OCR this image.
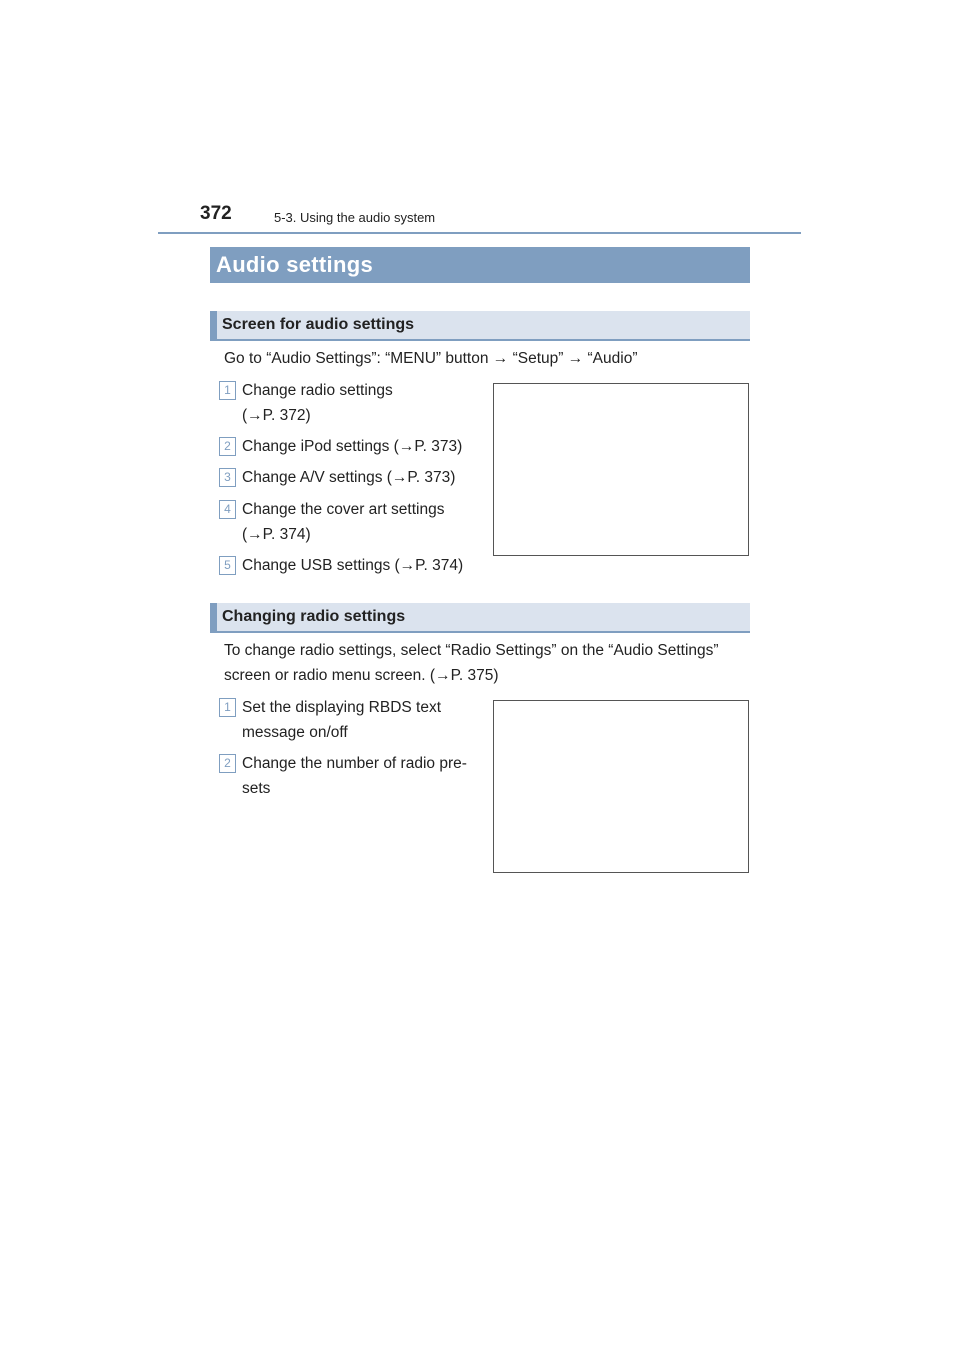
372	5-3. Using the audio system
Audio settings
Screen for audio settings
Go to “Audio Settings”: “MENU” button → “Setup” → “Audio”
1 Change radio settings
(→P. 372)
2 Change iPod settings (→P. 373)
3 Change A/V settings (→P. 373)
4 Change the cover art settings
(→P. 374)
5 Change USB settings (→P. 374)
Changing radio settings
To change radio settings, select “Radio Settings” on the “Audio Settings”
screen or radio menu screen. (→P. 375)
1 Set the displaying RBDS text
message on/off
2 Change the number of radio pre-
sets
